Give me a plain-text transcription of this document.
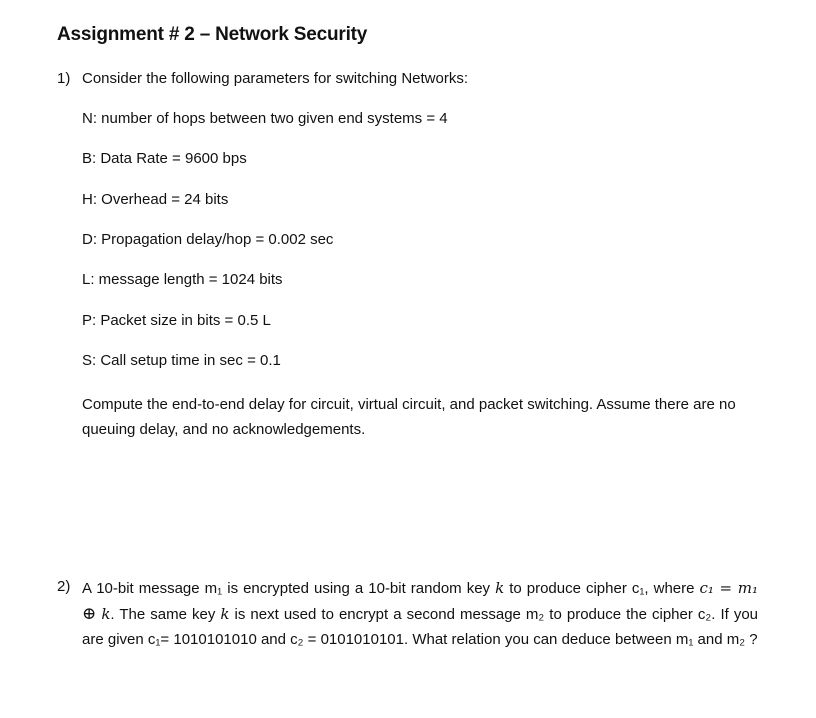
Assignment # 2 – Network Security
1) Consider the following parameters for switching Networks:
N: number of hops between two given end systems = 4
B: Data Rate = 9600 bps
H: Overhead = 24 bits
D: Propagation delay/hop = 0.002 sec
L: message length = 1024 bits
P: Packet size in bits = 0.5 L
S: Call setup time in sec = 0.1
Compute the end-to-end delay for circuit, virtual circuit, and packet switching. Assume there are no queuing delay, and no acknowledgements.
2) A 10-bit message m₁ is encrypted using a 10-bit random key k to produce cipher c₁, where c₁ = m₁ ⊕ k. The same key k is next used to encrypt a second message m₂ to produce the cipher c₂. If you are given c₁= 1010101010 and c₂ = 0101010101. What relation you can deduce between m₁ and m₂ ?
